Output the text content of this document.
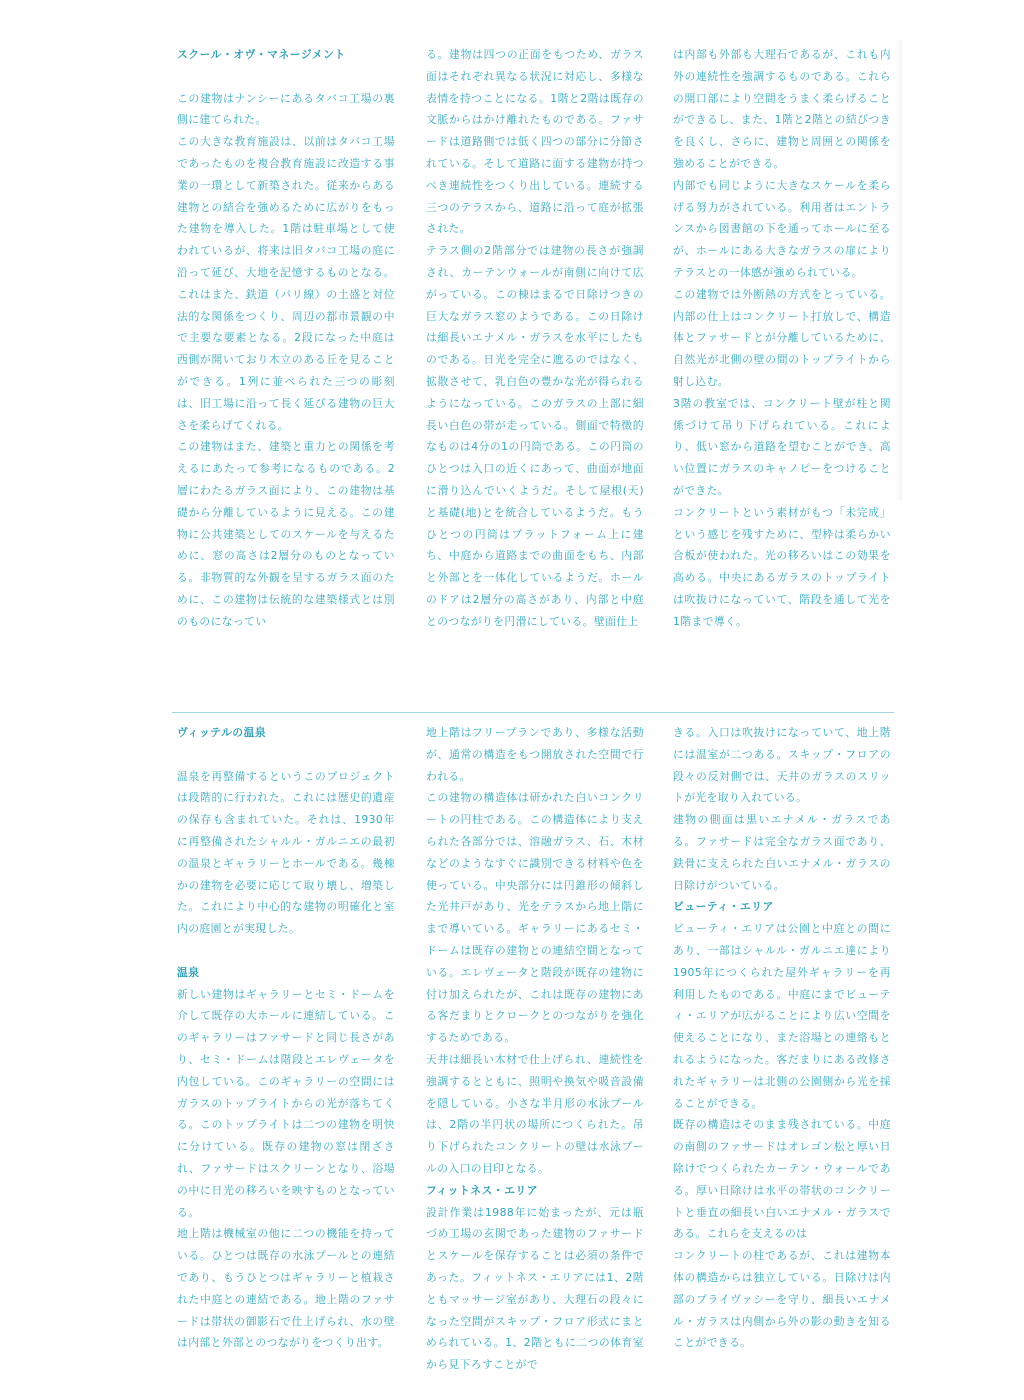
スクール・オヴ・マネージメント

この建物はナンシーにあるタバコ工場の裏側に建てられた。

この大きな教育施設は、以前はタバコ工場であったものを複合教育施設に改造する事業の一環として新築された。従来からある建物との結合を強めるために広がりをもった建物を導入した。1階は駐車場として使われているが、将来は旧タバコ工場の庭に沿って延び、大地を記憶するものとなる。これはまた、鉄道（パリ線）の土盛と対位法的な関係をつくり、周辺の都市景観の中で主要な要素となる。2段になった中庭は西側が開いており木立のある丘を見ることができる。1列に並べられた三つの彫刻は、旧工場に沿って長く延びる建物の巨大さを柔らげてくれる。

この建物はまた、建築と重力との関係を考えるにあたって参考になるものである。2層にわたるガラス面により、この建物は基礎から分離しているように見える。この建物に公共建築としてのスケールを与えるために、窓の高さは2層分のものとなっている。非物質的な外観を呈するガラス面のために、この建物は伝統的な建築様式とは別のものになってい

る。建物は四つの正面をもつため、ガラス面はそれぞれ異なる状況に対応し、多様な表情を持つことになる。1階と2階は既存の文脈からはかけ離れたものである。ファサードは道路側では低く四つの部分に分節されている。そして道路に面する建物が持つべき連続性をつくり出している。連続する三つのテラスから、道路に沿って庭が拡張された。

テラス側の2階部分では建物の長さが強調され、カーテンウォールが南側に向けて広がっている。この棟はまるで日除けつきの巨大なガラス窓のようである。この日除けは細長いエナメル・ガラスを水平にしたものである。日光を完全に遮るのではなく、拡散させて、乳白色の豊かな光が得られるようになっている。このガラスの上部に細長い白色の帯が走っている。側面で特徴的なものは4分の1の円筒である。この円筒のひとつは入口の近くにあって、曲面が地面に滑り込んでいくようだ。そして屋根(天)と基礎(地)とを統合しているようだ。もうひとつの円筒はプラットフォーム上に建ち、中庭から道路までの曲面をもち、内部と外部とを一体化しているようだ。ホールのドアは2層分の高さがあり、内部と中庭とのつながりを円滑にしている。壁面仕上

は内部も外部も大理石であるが、これも内外の連続性を強調するものである。これらの開口部により空間をうまく柔らげることができるし、また、1階と2階との結びつきを良くし、さらに、建物と周囲との関係を強めることができる。

内部でも同じように大きなスケールを柔らげる努力がされている。利用者はエントランスから図書館の下を通ってホールに至るが、ホールにある大きなガラスの扉によりテラスとの一体感が強められている。

この建物では外断熱の方式をとっている。内部の仕上はコンクリート打放しで、構造体とファサードとが分離しているために、自然光が北側の壁の間のトップライトから射し込む。

3階の教室では、コンクリート壁が柱と関係づけて吊り下げられている。これにより、低い窓から道路を望むことができ、高い位置にガラスのキャノピーをつけることができた。

コンクリートという素材がもつ「未完成」という感じを残すために、型枠は柔らかい合板が使われた。光の移ろいはこの効果を高める。中央にあるガラスのトップライトは吹抜けになっていて、階段を通して光を1階まで導く。

ヴィッテルの温泉

温泉を再整備するというこのプロジェクトは段階的に行われた。これには歴史的遺産の保存も含まれていた。それは、1930年に再整備されたシャルル・ガルニエの最初の温泉とギャラリーとホールである。幾棟かの建物を必要に応じて取り壊し、増築した。これにより中心的な建物の明確化と室内の庭園とが実現した。

温泉

新しい建物はギャラリーとセミ・ドームを介して既存の大ホールに連結している。このギャラリーはファサードと同じ長さがあり、セミ・ドームは階段とエレヴェータを内包している。このギャラリーの空間にはガラスのトップライトからの光が落ちてくる。このトップライトは二つの建物を明快に分けている。既存の建物の窓は閉ざされ、ファサードはスクリーンとなり、浴場の中に日光の移ろいを映すものとなっている。

地上階は機械室の他に二つの機能を持っている。ひとつは既存の水泳プールとの連結であり、もうひとつはギャラリーと植栽された中庭との連結である。地上階のファサードは帯状の御影石で仕上げられ、水の壁は内部と外部とのつながりをつくり出す。

地上階はフリープランであり、多様な活動が、通常の構造をもつ開放された空間で行われる。

この建物の構造体は研かれた白いコンクリートの円柱である。この構造体により支えられた各部分では、溶融ガラス、石、木材などのようなすぐに識別できる材料や色を使っている。中央部分には円錐形の傾斜した光井戸があり、光をテラスから地上階にまで導いている。ギャラリーにあるセミ・ドームは既存の建物との連結空間となっている。エレヴェータと階段が既存の建物に付け加えられたが、これは既存の建物にある客だまりとクロークとのつながりを強化するためである。

天井は細長い木材で仕上げられ、連続性を強調するとともに、照明や換気や吸音設備を隠している。小さな半月形の水泳プールは、2階の半円状の場所につくられた。吊り下げられたコンクリートの壁は水泳プールの入口の目印となる。

フィットネス・エリア

設計作業は1988年に始まったが、元は瓶づめ工場の玄関であった建物のファサードとスケールを保存することは必須の条件であった。フィットネス・エリアには1、2階ともマッサージ室があり、大理石の段々になった空間がスキップ・フロア形式にまとめられている。1、2階ともに二つの体育室から見下ろすことがで

きる。入口は吹抜けになっていて、地上階には温室が二つある。スキップ・フロアの段々の反対側では、天井のガラスのスリットが光を取り入れている。

建物の側面は黒いエナメル・ガラスである。ファサードは完全なガラス面であり、鉄骨に支えられた白いエナメル・ガラスの日除けがついている。

ビューティ・エリア

ビューティ・エリアは公園と中庭との間にあり、一部はシャルル・ガルニエ達により1905年につくられた屋外ギャラリーを再利用したものである。中庭にまでビューティ・エリアが広がることにより広い空間を使えることになり、また浴場との連絡もとれるようになった。客だまりにある改修されたギャラリーは北側の公園側から光を採ることができる。

既存の構造はそのまま残されている。中庭の南側のファサードはオレゴン松と厚い日除けでつくられたカーテン・ウォールである。厚い日除けは水平の帯状のコンクリートと垂直の細長い白いエナメル・ガラスである。これらを支えるのは

コンクリートの柱であるが、これは建物本体の構造からは独立している。日除けは内部のプライヴァシーを守り、細長いエナメル・ガラスは内側から外の影の動きを知ることができる。
